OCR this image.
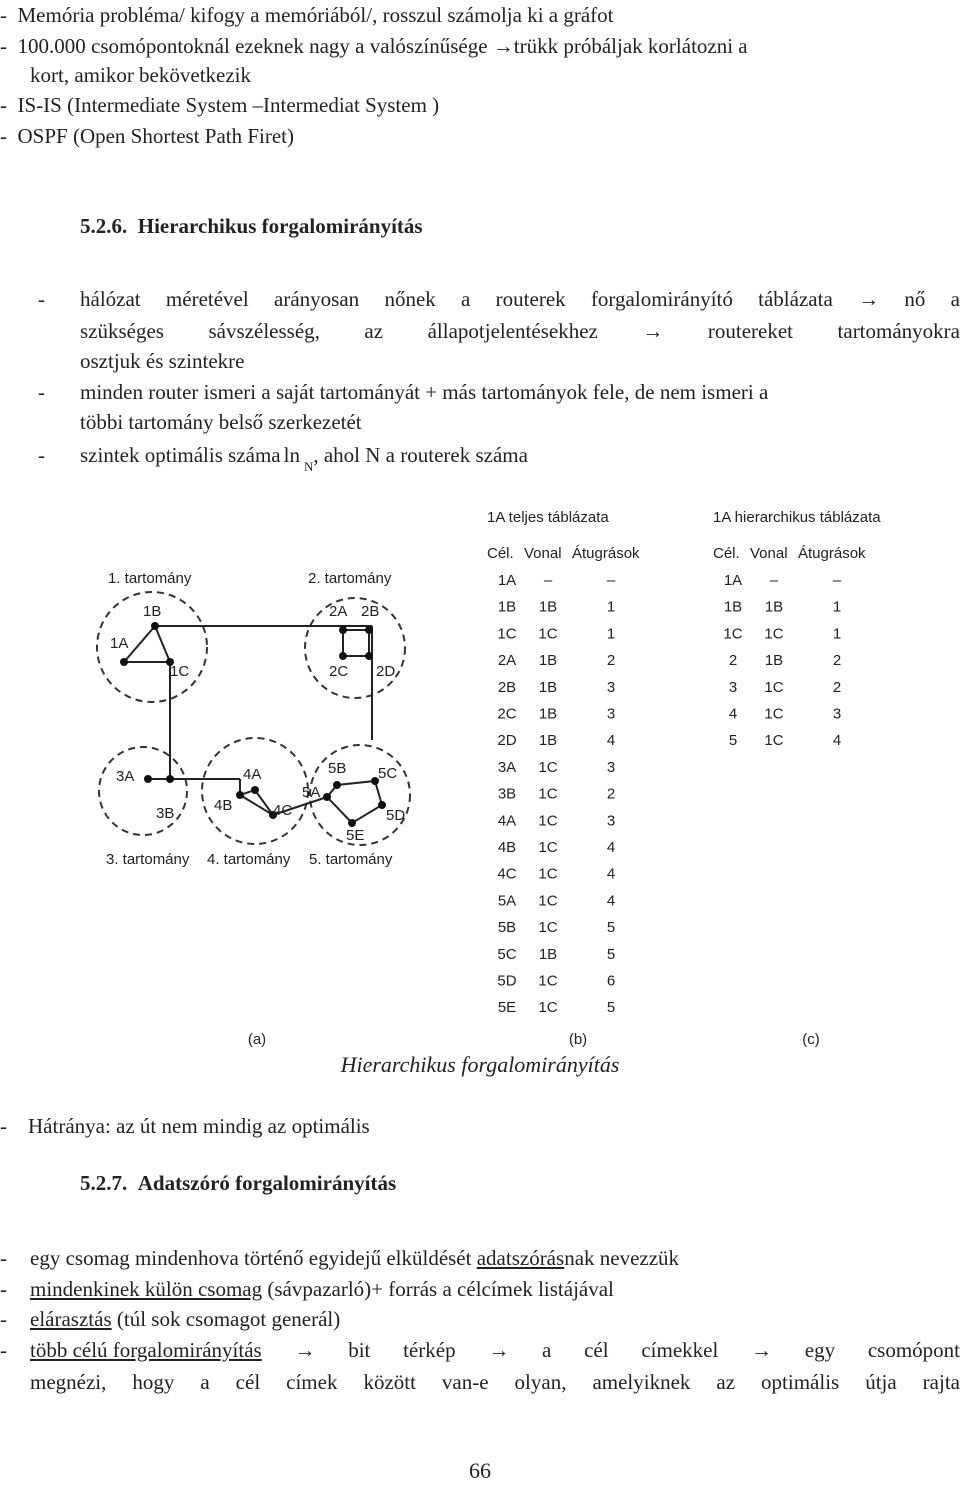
-  Memória probléma/ kifogy a memóriából/, rosszul számolja ki a gráfot
-  100.000 csomópontoknál ezeknek nagy a valószínűsége →trükk próbáljak korlátozni a
kort, amikor bekövetkezik
-  IS-IS (Intermediate System –Intermediat System )
-  OSPF (Open Shortest Path Firet)
5.2.6. Hierarchikus forgalomirányítás
- hálózat méretével arányosan nőnek a routerek forgalomirányító táblázata → nő a
szükséges sávszélesség, az állapotjelentésekhez → routereket tartományokra
osztjuk és szintekre
- minden router ismeri a saját tartományát + más tartományok fele, de nem ismeri a
többi tartomány belső szerkezetét
- szintek optimális száma ln $_N$, ahol N a routerek száma
1. tartomány	2. tartomány
3. tartomány 4. tartomány 5. tartomány
1A
1B
1C
2A 2B
2C 2D
3A
3B
4A
4B	4C
5A
5B 5C
5D
5E
(a)	(b)	(c)
1A teljes táblázata
Cél. Vonal Átugrások
1A –	–
1B 1B	1
1C 1C	1
2A 1B	2
2B 1B	3
2C 1B	3
2D 1B	4
3A 1C	3
3B 1C	2
4A 1C	3
4B 1C	4
4C 1C	4
5A 1C	4
5B 1C	5
5C 1B	5
5D 1C	6
5E 1C	5
1A hierarchikus táblázata
Cél. Vonal Átugrások
1A –	–
1B 1B	1
1C 1C	1
2 1B	2
3 1C	2
4 1C	3
5 1C	4
Hierarchikus forgalomirányítás
-    Hátránya: az út nem mindig az optimális
5.2.7. Adatszóró forgalomirányítás
- egy csomag mindenhova történő egyidejű elküldését adatszórásnak nevezzük
- mindenkinek külön csomag (sávpazarló)+ forrás a célcímek listájával
- elárasztás (túl sok csomagot generál)
- több célú forgalomirányítás → bit térkép → a cél címekkel → egy csomópont
megnézi, hogy a cél címek között van-e olyan, amelyiknek az optimális útja rajta
66
